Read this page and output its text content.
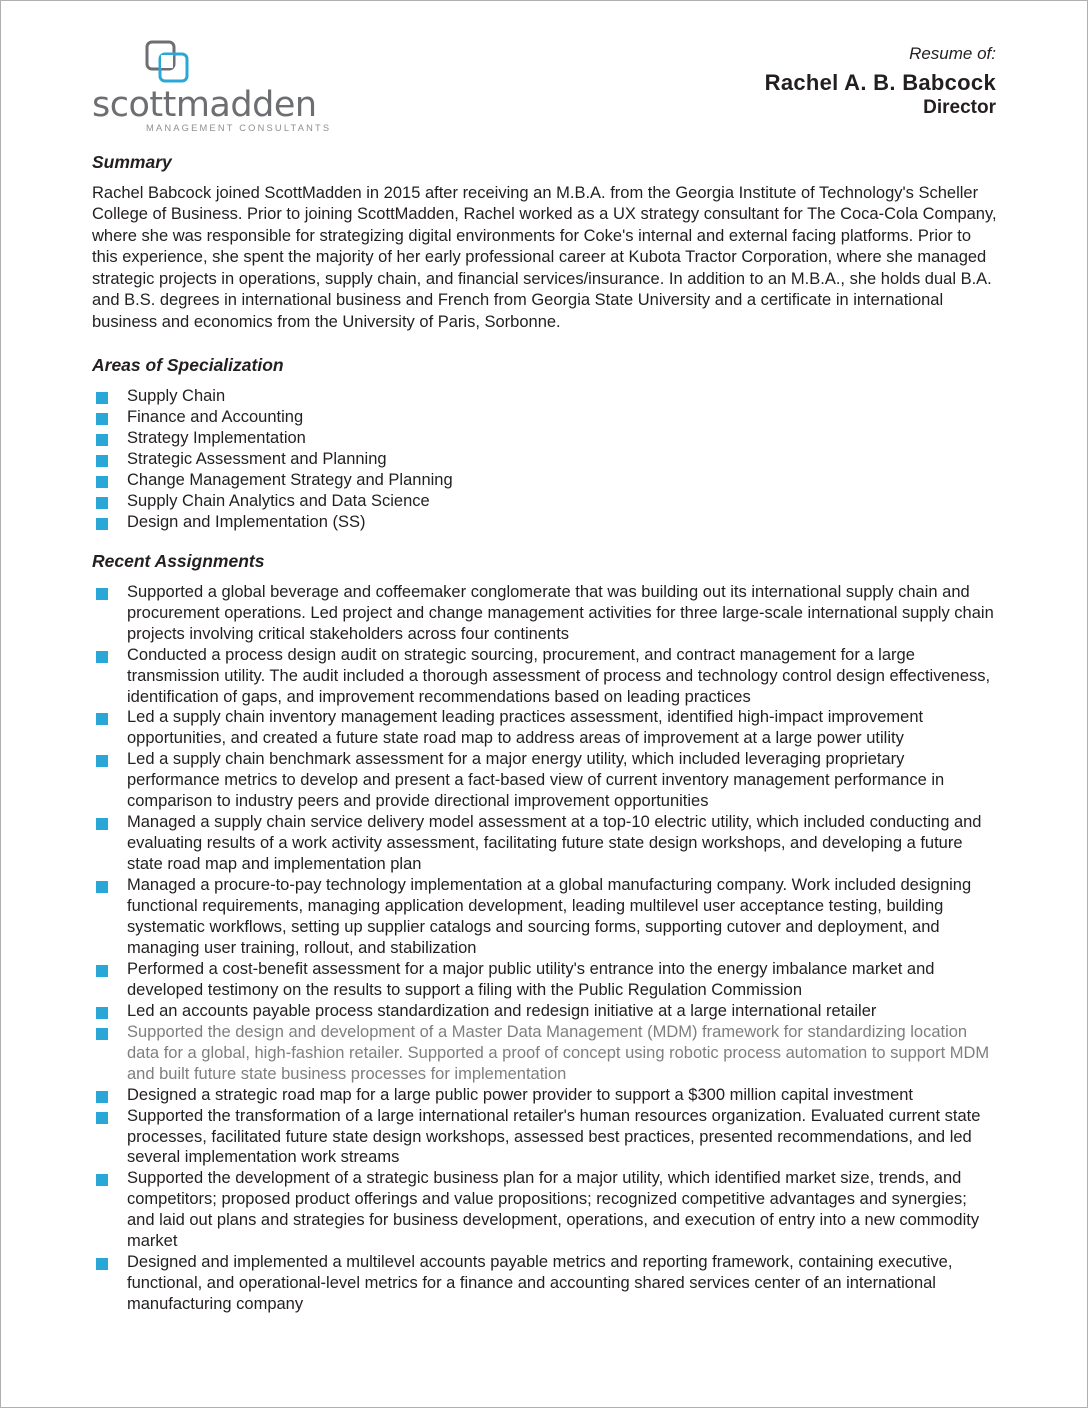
scottmadden
MANAGEMENT CONSULTANTS
Resume of:
Rachel A. B. Babcock
Director
Summary

Rachel Babcock joined ScottMadden in 2015 after receiving an M.B.A. from the Georgia Institute of Technology's Scheller College of Business. Prior to joining ScottMadden, Rachel worked as a UX strategy consultant for The Coca-Cola Company, where she was responsible for strategizing digital environments for Coke's internal and external facing platforms. Prior to this experience, she spent the majority of her early professional career at Kubota Tractor Corporation, where she managed strategic projects in operations, supply chain, and financial services/insurance. In addition to an M.B.A., she holds dual B.A. and B.S. degrees in international business and French from Georgia State University and a certificate in international business and economics from the University of Paris, Sorbonne.

Areas of Specialization
Supply Chain
Finance and Accounting
Strategy Implementation
Strategic Assessment and Planning
Change Management Strategy and Planning
Supply Chain Analytics and Data Science
Design and Implementation (SS)
Recent Assignments
Supported a global beverage and coffeemaker conglomerate that was building out its international supply chain and procurement operations. Led project and change management activities for three large-scale international supply chain projects involving critical stakeholders across four continents
Conducted a process design audit on strategic sourcing, procurement, and contract management for a large transmission utility. The audit included a thorough assessment of process and technology control design effectiveness, identification of gaps, and improvement recommendations based on leading practices
Led a supply chain inventory management leading practices assessment, identified high-impact improvement opportunities, and created a future state road map to address areas of improvement at a large power utility
Led a supply chain benchmark assessment for a major energy utility, which included leveraging proprietary performance metrics to develop and present a fact-based view of current inventory management performance in comparison to industry peers and provide directional improvement opportunities
Managed a supply chain service delivery model assessment at a top-10 electric utility, which included conducting and evaluating results of a work activity assessment, facilitating future state design workshops, and developing a future state road map and implementation plan
Managed a procure-to-pay technology implementation at a global manufacturing company. Work included designing functional requirements, managing application development, leading multilevel user acceptance testing, building systematic workflows, setting up supplier catalogs and sourcing forms, supporting cutover and deployment, and managing user training, rollout, and stabilization
Performed a cost-benefit assessment for a major public utility's entrance into the energy imbalance market and developed testimony on the results to support a filing with the Public Regulation Commission
Led an accounts payable process standardization and redesign initiative at a large international retailer
Supported the design and development of a Master Data Management (MDM) framework for standardizing location data for a global, high-fashion retailer. Supported a proof of concept using robotic process automation to support MDM and built future state business processes for implementation
Designed a strategic road map for a large public power provider to support a $300 million capital investment
Supported the transformation of a large international retailer's human resources organization. Evaluated current state processes, facilitated future state design workshops, assessed best practices, presented recommendations, and led several implementation work streams
Supported the development of a strategic business plan for a major utility, which identified market size, trends, and competitors; proposed product offerings and value propositions; recognized competitive advantages and synergies; and laid out plans and strategies for business development, operations, and execution of entry into a new commodity market
Designed and implemented a multilevel accounts payable metrics and reporting framework, containing executive, functional, and operational-level metrics for a finance and accounting shared services center of an international manufacturing company
